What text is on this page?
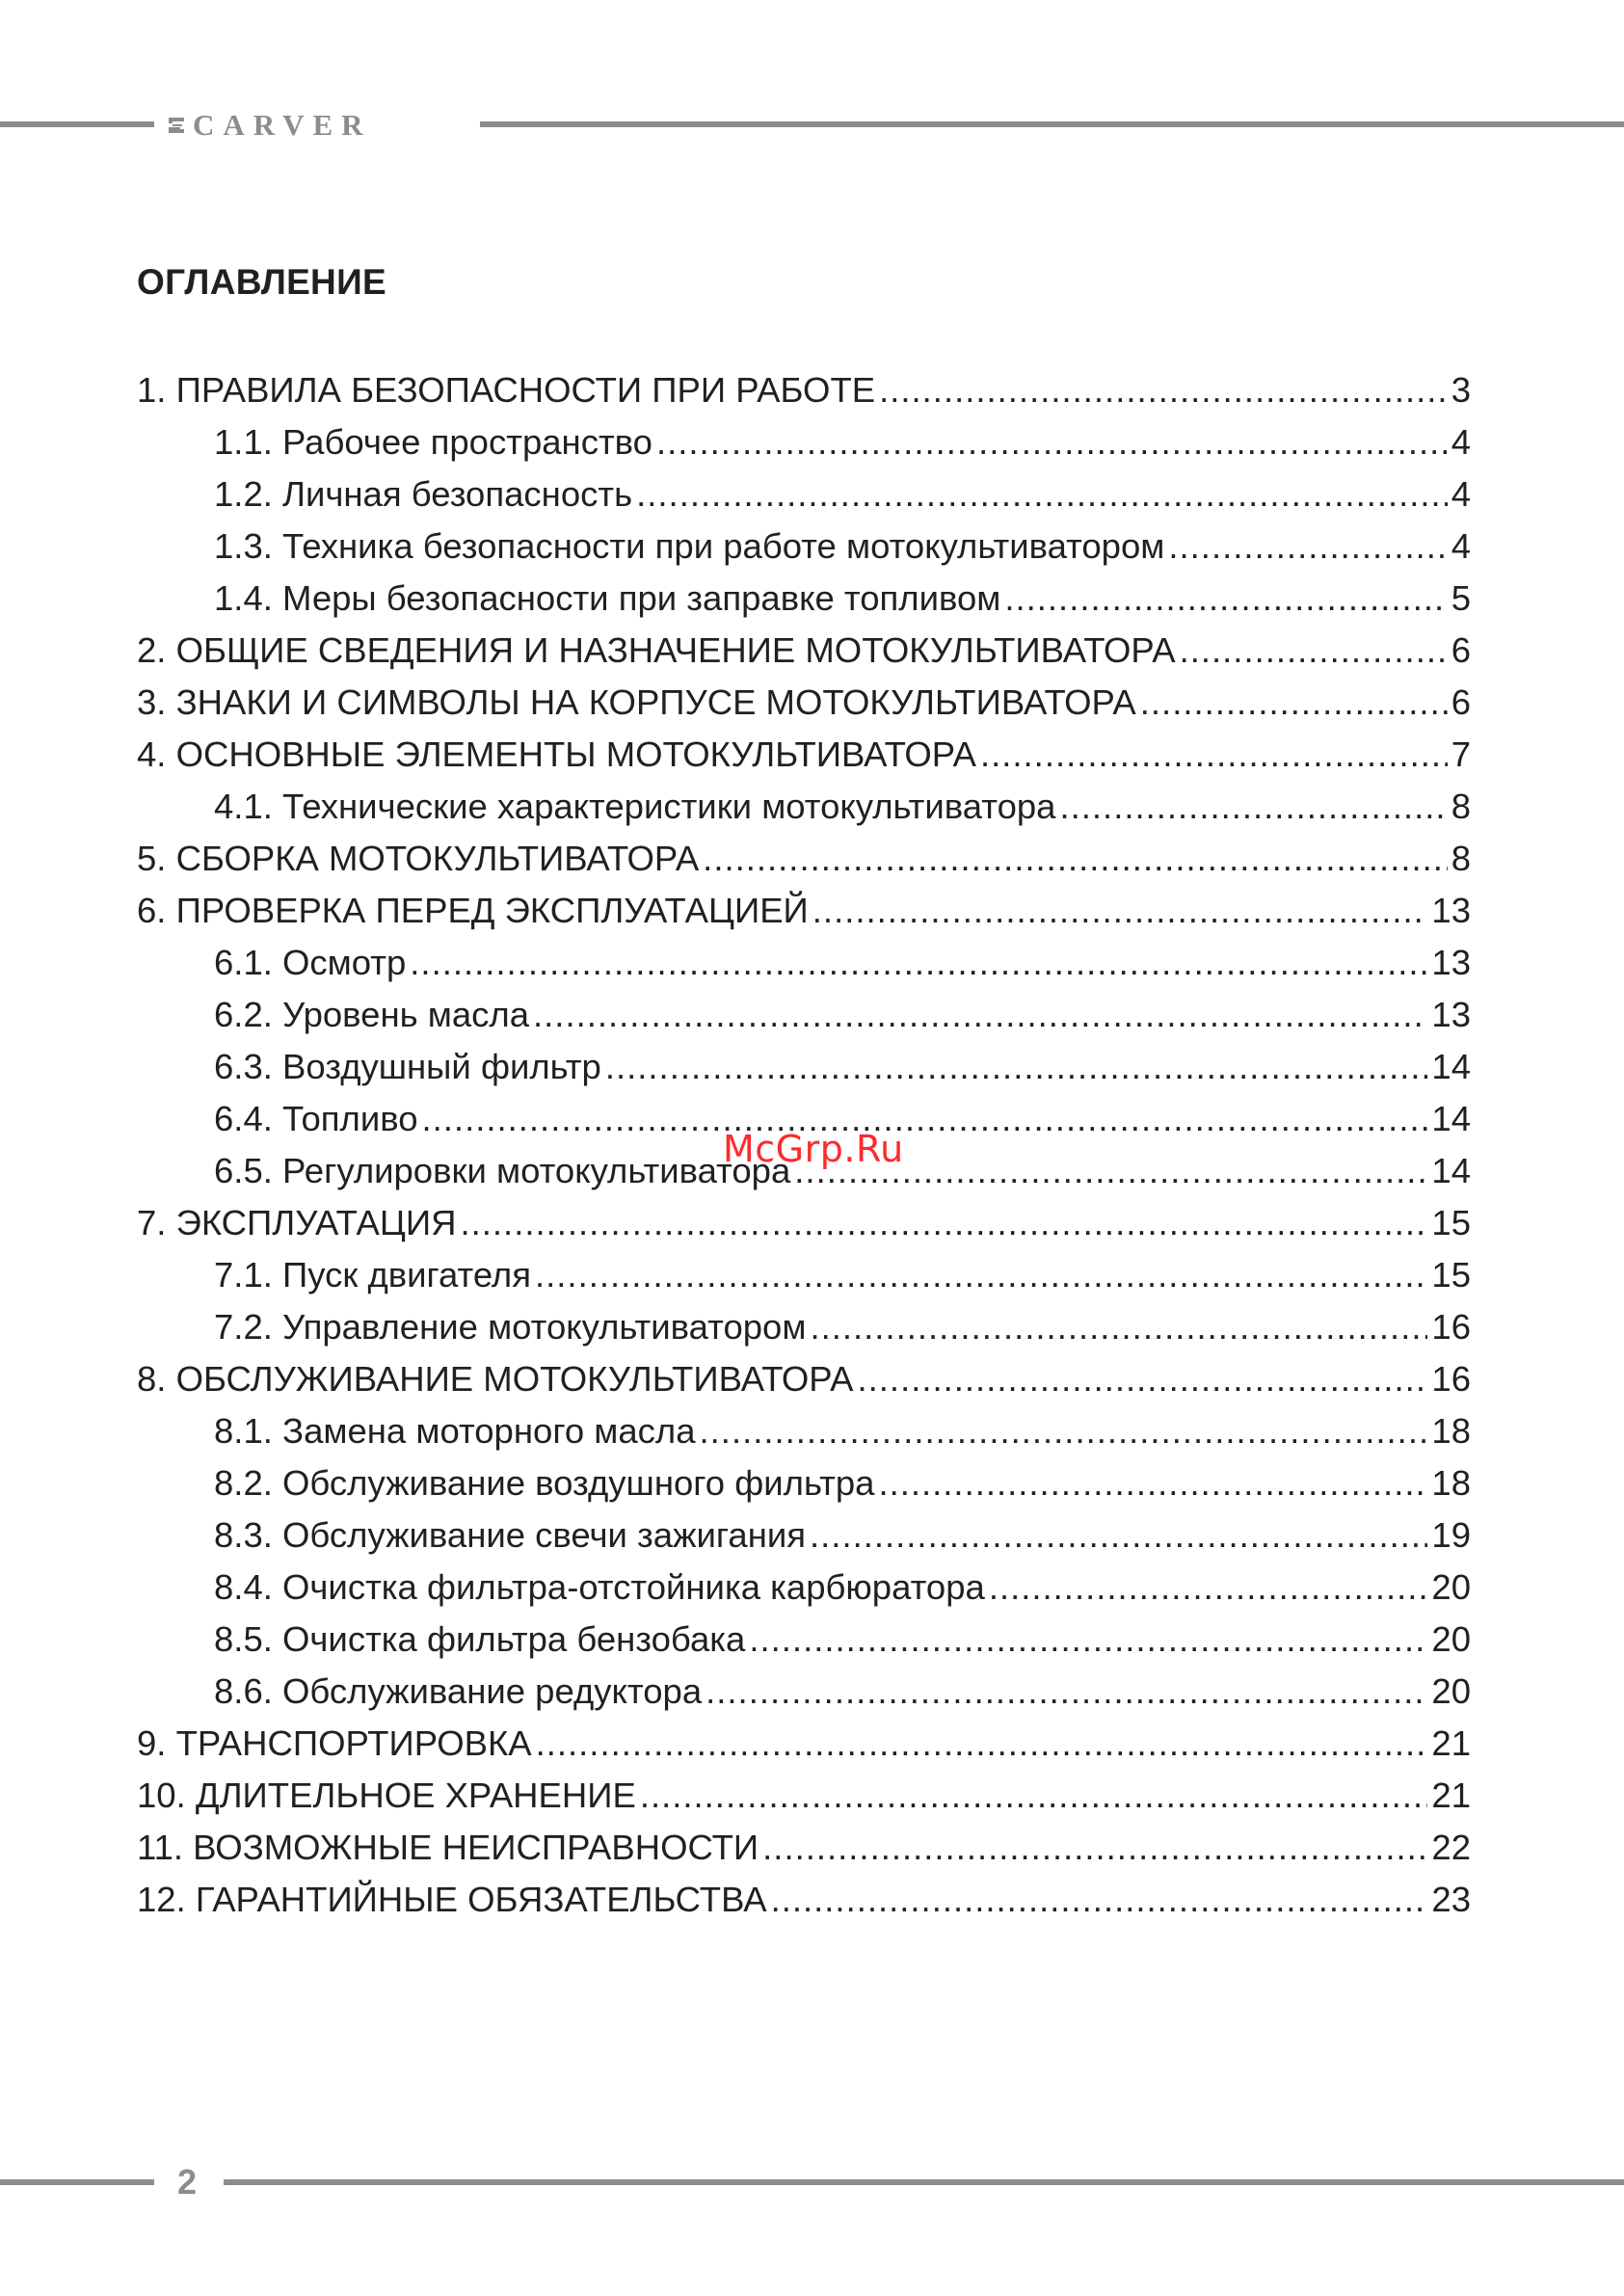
CARVER
ОГЛАВЛЕНИЕ
1. ПРАВИЛА БЕЗОПАСНОСТИ ПРИ РАБОТЕ .....	3
1.1. Рабочее пространство .....	4
1.2. Личная безопасность .....	4
1.3. Техника безопасности при работе мотокультиватором .....	4
1.4. Меры безопасности при заправке топливом .....	5
2. ОБЩИЕ СВЕДЕНИЯ И НАЗНАЧЕНИЕ МОТОКУЛЬТИВАТОРА .....	6
3. ЗНАКИ И СИМВОЛЫ НА КОРПУСЕ МОТОКУЛЬТИВАТОРА .....	6
4. ОСНОВНЫЕ ЭЛЕМЕНТЫ МОТОКУЛЬТИВАТОРА .....	7
4.1. Технические характеристики мотокультиватора .....	8
5. СБОРКА МОТОКУЛЬТИВАТОРА .....	8
6. ПРОВЕРКА ПЕРЕД ЭКСПЛУАТАЦИЕЙ .....	13
6.1. Осмотр .....	13
6.2. Уровень масла .....	13
6.3. Воздушный фильтр .....	14
6.4. Топливо .....	14
6.5. Регулировки мотокультиватора .....	14
7. ЭКСПЛУАТАЦИЯ .....	15
7.1. Пуск двигателя .....	15
7.2. Управление мотокультиватором .....	16
8. ОБСЛУЖИВАНИЕ МОТОКУЛЬТИВАТОРА .....	16
8.1. Замена моторного масла .....	18
8.2. Обслуживание воздушного фильтра .....	18
8.3. Обслуживание свечи зажигания .....	19
8.4. Очистка фильтра-отстойника карбюратора .....	20
8.5. Очистка фильтра бензобака .....	20
8.6. Обслуживание редуктора .....	20
9. ТРАНСПОРТИРОВКА .....	21
10. ДЛИТЕЛЬНОЕ ХРАНЕНИЕ .....	21
11. ВОЗМОЖНЫЕ НЕИСПРАВНОСТИ .....	22
12. ГАРАНТИЙНЫЕ ОБЯЗАТЕЛЬСТВА .....	23
McGrp.Ru
2
